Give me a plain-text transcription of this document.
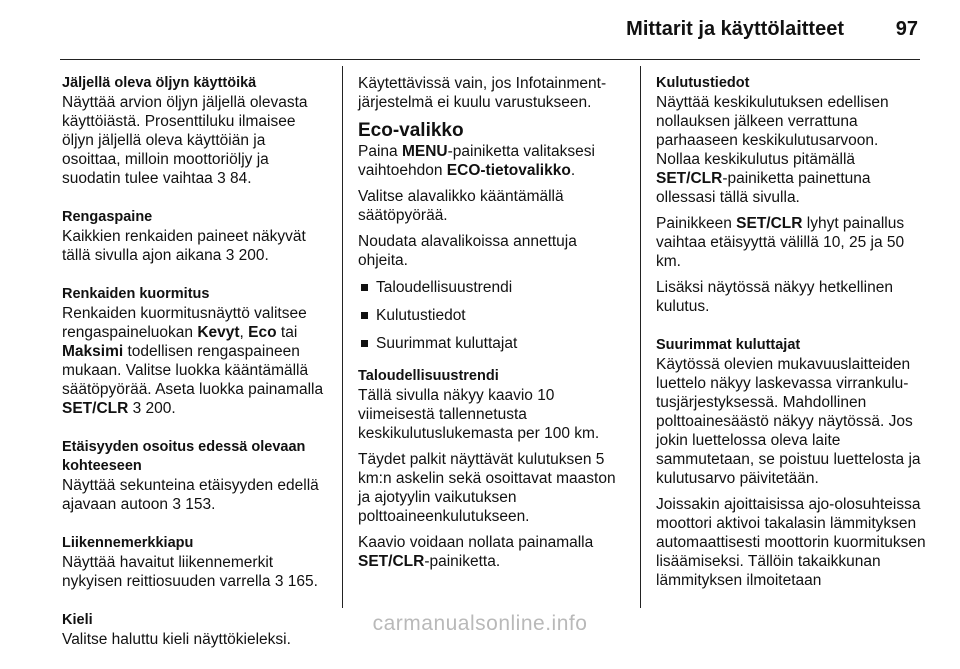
Mittarit ja käyttölaitteet	97
Jäljellä oleva öljyn käyttöikä
Näyttää arvion öljyn jäljellä olevasta käyttöiästä. Prosenttiluku ilmaisee öljyn jäljellä oleva käyttöiän ja osoittaa, milloin moottoriöljy ja suodatin tulee vaihtaa 3 84.
Rengaspaine
Kaikkien renkaiden paineet näkyvät tällä sivulla ajon aikana 3 200.
Renkaiden kuormitus
Renkaiden kuormitusnäyttö valitsee rengaspaineluokan Kevyt, Eco tai Maksimi todellisen rengaspaineen mukaan. Valitse luokka kääntämällä säätöpyörää. Aseta luokka painamalla SET/CLR 3 200.
Etäisyyden osoitus edessä olevaan kohteeseen
Näyttää sekunteina etäisyyden edellä ajavaan autoon 3 153.
Liikennemerkkiapu
Näyttää havaitut liikennemerkit nykyisen reittiosuuden varrella 3 165.
Kieli
Valitse haluttu kieli näyttökieleksi.
Käytettävissä vain, jos Infotainment-järjestelmä ei kuulu varustukseen.
Eco-valikko

Paina MENU-painiketta valitaksesi vaihtoehdon ECO-tietovalikko.

Valitse alavalikko kääntämällä säätöpyörää.

Noudata alavalikoissa annettuja ohjeita.

Taloudellisuustrendi
Kulutustiedot
Suurimmat kuluttajat
Taloudellisuustrendi

Tällä sivulla näkyy kaavio 10 viimeisestä tallennetusta keskikulutuslukemasta per 100 km.

Täydet palkit näyttävät kulutuksen 5 km:n askelin sekä osoittavat maaston ja ajotyylin vaikutuksen polttoaineenkulutukseen.

Kaavio voidaan nollata painamalla SET/CLR-painiketta.

Kulutustiedot

Näyttää keskikulutuksen edellisen nollauksen jälkeen verrattuna parhaaseen keskikulutusarvoon. Nollaa keskikulutus pitämällä SET/CLR-painiketta painettuna ollessasi tällä sivulla.

Painikkeen SET/CLR lyhyt painallus vaihtaa etäisyyttä välillä 10, 25 ja 50 km.

Lisäksi näytössä näkyy hetkellinen kulutus.

Suurimmat kuluttajat

Käytössä olevien mukavuuslaitteiden luettelo näkyy laskevassa virrankulutusjärjestyksessä. Mahdollinen polttoainesäästö näkyy näytössä. Jos jokin luettelossa oleva laite sammutetaan, se poistuu luettelosta ja kulutusarvo päivitetään.

Joissakin ajoittaisissa ajo-olosuhteissa moottori aktivoi takalasin lämmityksen automaattisesti moottorin kuormituksen lisäämiseksi. Tällöin takaikkunan lämmityksen ilmoitetaan

carmanualsonline.info
